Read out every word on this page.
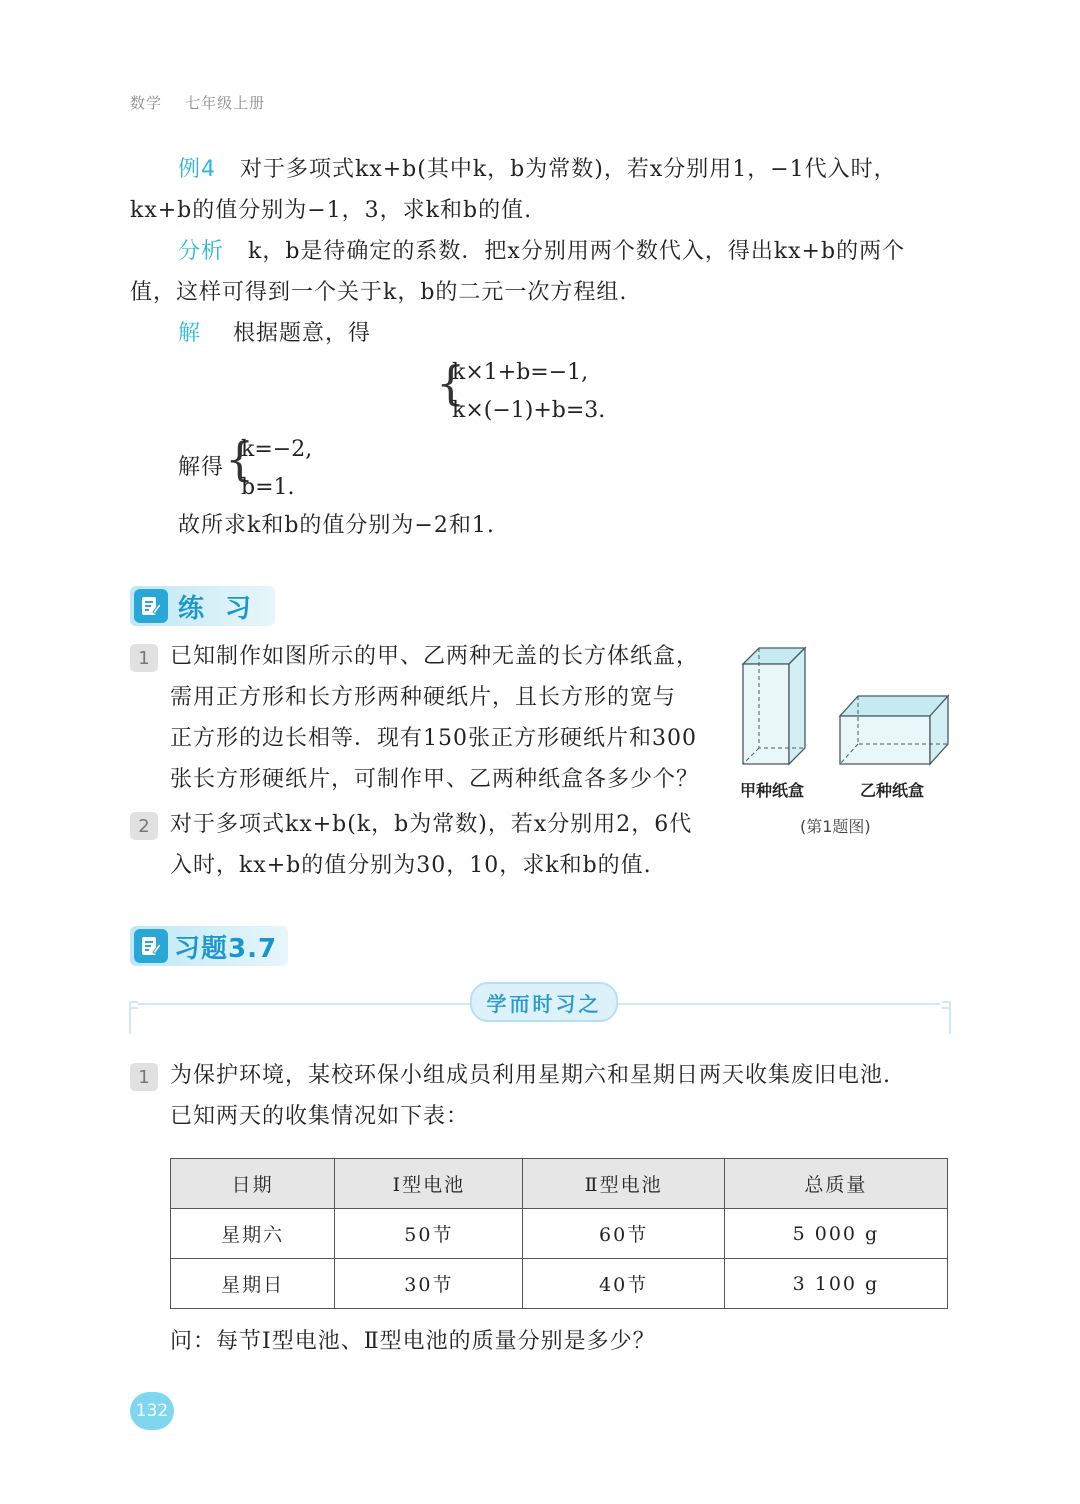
数学 七年级上册
例4 对于多项式kx+b(其中k，b为常数)，若x分别用1，−1代入时，
kx+b的值分别为−1，3，求k和b的值.
分析 k，b是待确定的系数．把x分别用两个数代入，得出kx+b的两个
值，这样可得到一个关于k，b的二元一次方程组.
解 根据题意，得
{
k×1+b=−1,
k×(−1)+b=3.
解得 {
k=−2,
b=1.
故所求k和b的值分别为−2和1.
练 习
1 已知制作如图所示的甲、乙两种无盖的长方体纸盒，
需用正方形和长方形两种硬纸片，且长方形的宽与
正方形的边长相等．现有150张正方形硬纸片和300
张长方形硬纸片，可制作甲、乙两种纸盒各多少个？
2 对于多项式kx+b(k，b为常数)，若x分别用2，6代
入时，kx+b的值分别为30，10，求k和b的值.
甲种纸盒	乙种纸盒
(第1题图)
习题3.7
学而时习之
1 为保护环境，某校环保小组成员利用星期六和星期日两天收集废旧电池.
已知两天的收集情况如下表：
日期	Ⅰ型电池	Ⅱ型电池	总质量
星期六	50节	60节	5 000 g
星期日	30节	40节	3 100 g
问：每节Ⅰ型电池、Ⅱ型电池的质量分别是多少？
132
